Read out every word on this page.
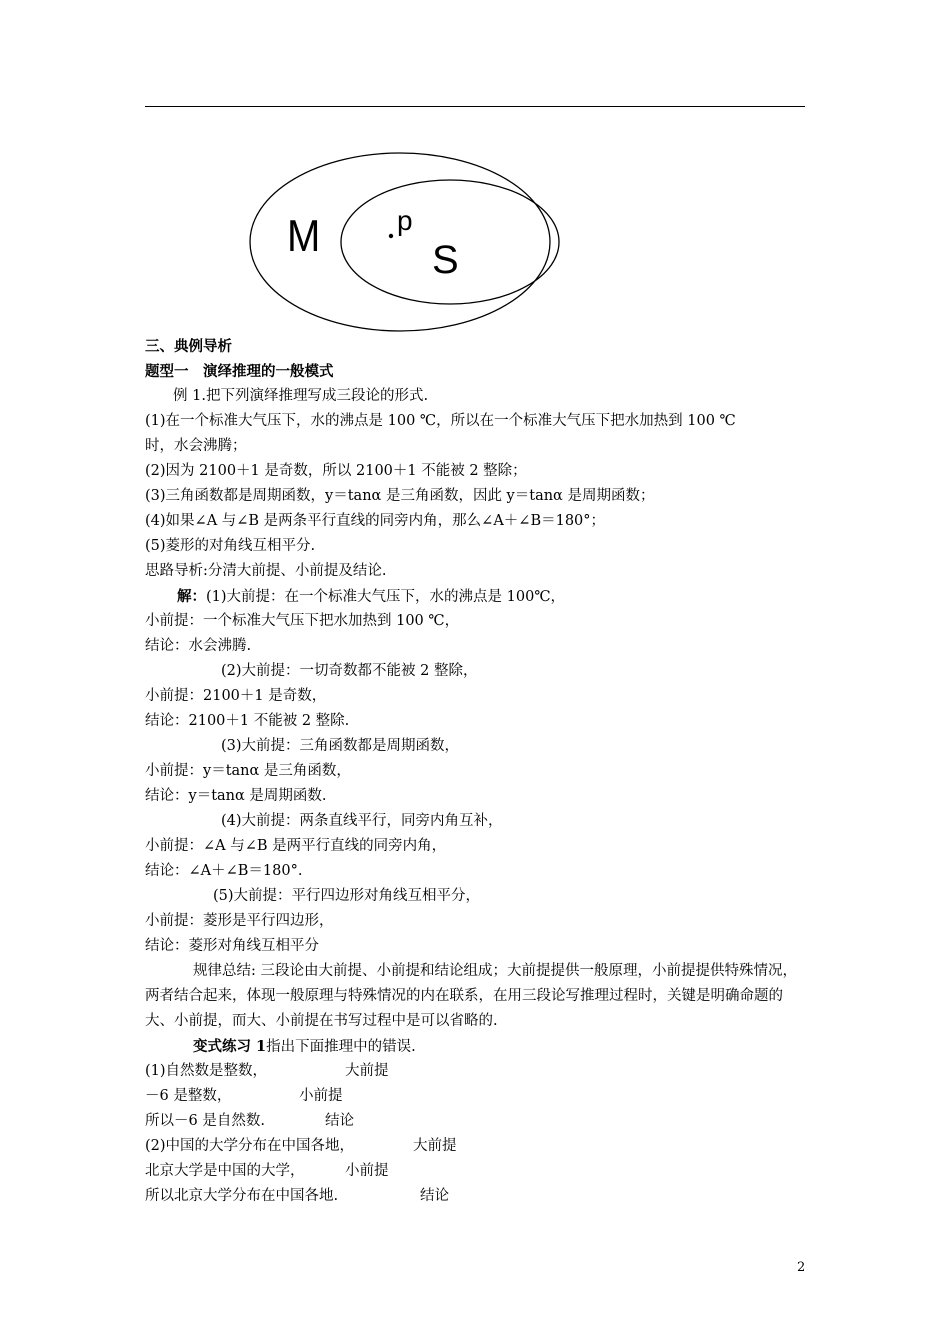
M	p
S
三、典例导析
题型一　演绎推理的一般模式
例 1.把下列演绎推理写成三段论的形式.
(1)在一个标准大气压下，水的沸点是 100 ℃，所以在一个标准大气压下把水加热到 100 ℃
时，水会沸腾；
(2)因为 2100＋1 是奇数，所以 2100＋1 不能被 2 整除；
(3)三角函数都是周期函数，y＝tanα 是三角函数，因此 y＝tanα 是周期函数；
(4)如果∠A 与∠B 是两条平行直线的同旁内角，那么∠A＋∠B＝180°；
(5)菱形的对角线互相平分.
思路导析:分清大前提、小前提及结论.
解：(1)大前提：在一个标准大气压下，水的沸点是 100℃，
小前提：一个标准大气压下把水加热到 100 ℃，
结论：水会沸腾.
(2)大前提：一切奇数都不能被 2 整除，
小前提：2100＋1 是奇数，
结论：2100＋1 不能被 2 整除.
(3)大前提：三角函数都是周期函数，
小前提：y＝tanα 是三角函数，
结论：y＝tanα 是周期函数.
(4)大前提：两条直线平行，同旁内角互补，
小前提：∠A 与∠B 是两平行直线的同旁内角，
结论：∠A＋∠B＝180°.
(5)大前提：平行四边形对角线互相平分，
小前提：菱形是平行四边形，
结论：菱形对角线互相平分
规律总结: 三段论由大前提、小前提和结论组成；大前提提供一般原理，小前提提供特殊情况，两者结合起来，体现一般原理与特殊情况的内在联系，在用三段论写推理过程时，关键是明确命题的大、小前提，而大、小前提在书写过程中是可以省略的.
变式练习 1指出下面推理中的错误.
(1)自然数是整数，	大前提
－6 是整数，	小前提
所以－6 是自然数.	结论
(2)中国的大学分布在中国各地，	大前提
北京大学是中国的大学，	小前提
所以北京大学分布在中国各地.	结论
2
